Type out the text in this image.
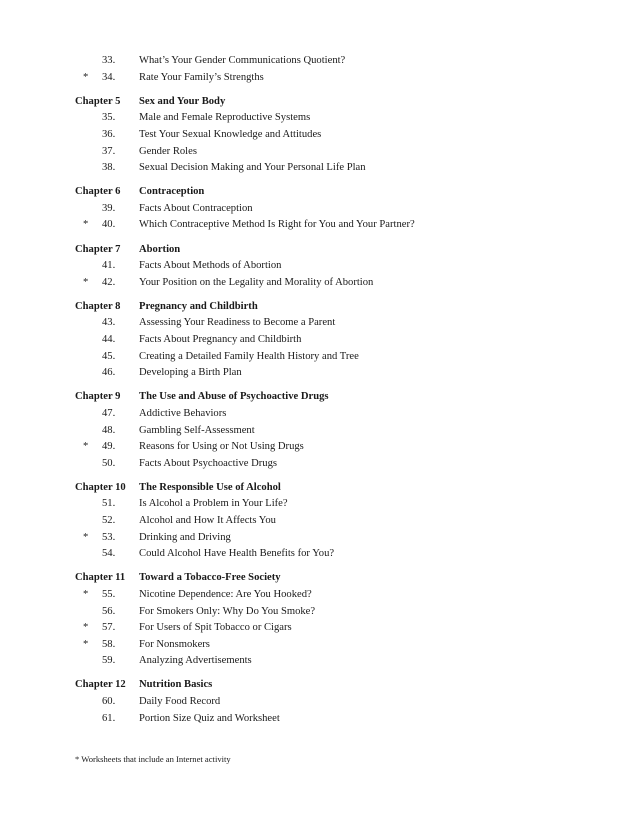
33. What’s Your Gender Communications Quotient?
* 34. Rate Your Family’s Strengths
Chapter 5 Sex and Your Body
35. Male and Female Reproductive Systems
36. Test Your Sexual Knowledge and Attitudes
37. Gender Roles
38. Sexual Decision Making and Your Personal Life Plan
Chapter 6 Contraception
39. Facts About Contraception
* 40. Which Contraceptive Method Is Right for You and Your Partner?
Chapter 7 Abortion
41. Facts About Methods of Abortion
* 42. Your Position on the Legality and Morality of Abortion
Chapter 8 Pregnancy and Childbirth
43. Assessing Your Readiness to Become a Parent
44. Facts About Pregnancy and Childbirth
45. Creating a Detailed Family Health History and Tree
46. Developing a Birth Plan
Chapter 9 The Use and Abuse of Psychoactive Drugs
47. Addictive Behaviors
48. Gambling Self-Assessment
* 49. Reasons for Using or Not Using Drugs
50. Facts About Psychoactive Drugs
Chapter 10 The Responsible Use of Alcohol
51. Is Alcohol a Problem in Your Life?
52. Alcohol and How It Affects You
* 53. Drinking and Driving
54. Could Alcohol Have Health Benefits for You?
Chapter 11 Toward a Tobacco-Free Society
* 55. Nicotine Dependence: Are You Hooked?
56. For Smokers Only: Why Do You Smoke?
* 57. For Users of Spit Tobacco or Cigars
* 58. For Nonsmokers
59. Analyzing Advertisements
Chapter 12 Nutrition Basics
60. Daily Food Record
61. Portion Size Quiz and Worksheet
* Worksheets that include an Internet activity
